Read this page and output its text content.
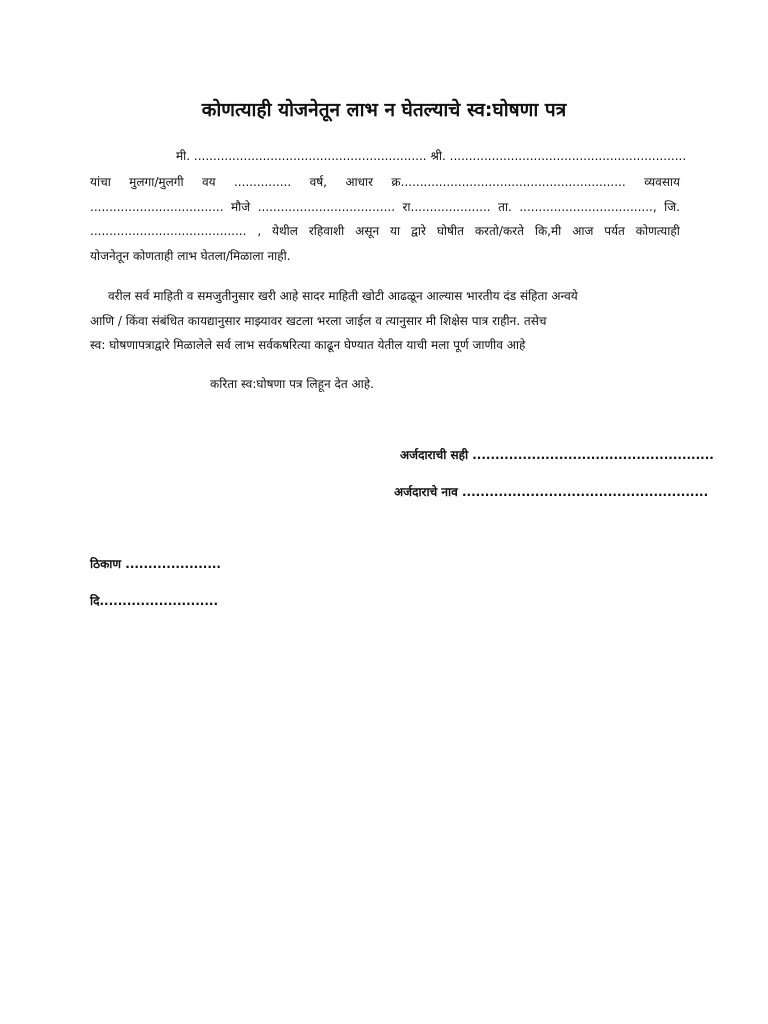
कोणत्याही योजनेतून लाभ न घेतल्याचे स्व:घोषणा पत्र
मी. ............................................................. श्री. ..............................................................
यांचा मुलगा/मुलगी वय ............... वर्ष, आधार क्र........................................................... व्यवसाय
................................... मौजे .................................... रा..................... ता. ..................................., जि.
......................................... , येथील रहिवाशी असून या द्वारे घोषीत करतो/करते कि,मी आज पर्यत कोणत्याही
योजनेतून कोणताही लाभ घेतला/मिळाला नाही.
वरील सर्व माहिती व समजुतीनुसार खरी आहे सादर माहिती खोटी आढळून आल्यास भारतीय दंड संहिता अन्वये
आणि / किंवा संबंधित कायद्यानुसार माझ्यावर खटला भरला जाईल व त्यानुसार मी शिक्षेस पात्र राहीन. तसेच
स्व: घोषणापत्राद्वारे मिळालेले सर्व लाभ सर्वकषरित्या काढून घेण्यात येतील याची मला पूर्ण जाणीव आहे
करिता स्व:घोषणा पत्र लिहून देत आहे.
अर्जदाराची सही .....................................................
अर्जदाराचे नाव ......................................................
ठिकाण .....................
दि..........................
